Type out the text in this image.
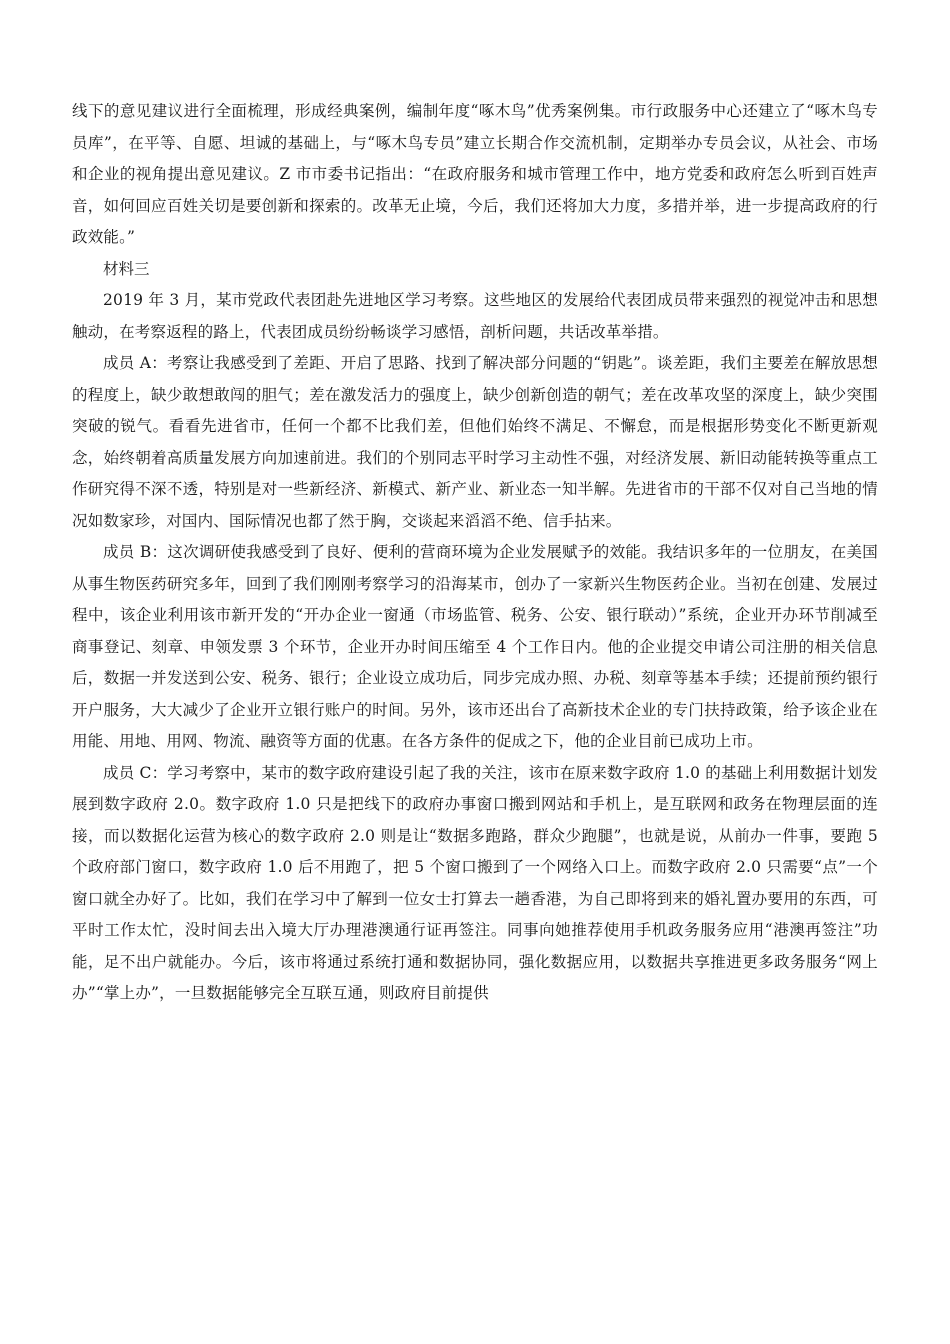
线下的意见建议进行全面梳理，形成经典案例，编制年度“啄木鸟”优秀案例集。市行政服务中心还建立了“啄木鸟专员库”，在平等、自愿、坦诚的基础上，与“啄木鸟专员”建立长期合作交流机制，定期举办专员会议，从社会、市场和企业的视角提出意见建议。Z 市市委书记指出：“在政府服务和城市管理工作中，地方党委和政府怎么听到百姓声音，如何回应百姓关切是要创新和探索的。改革无止境，今后，我们还将加大力度，多措并举，进一步提高政府的行政效能。”

材料三

2019 年 3 月，某市党政代表团赴先进地区学习考察。这些地区的发展给代表团成员带来强烈的视觉冲击和思想触动，在考察返程的路上，代表团成员纷纷畅谈学习感悟，剖析问题，共话改革举措。

成员 A：考察让我感受到了差距、开启了思路、找到了解决部分问题的“钥匙”。谈差距，我们主要差在解放思想的程度上，缺少敢想敢闯的胆气；差在激发活力的强度上，缺少创新创造的朝气；差在改革攻坚的深度上，缺少突围突破的锐气。看看先进省市，任何一个都不比我们差，但他们始终不满足、不懈怠，而是根据形势变化不断更新观念，始终朝着高质量发展方向加速前进。我们的个别同志平时学习主动性不强，对经济发展、新旧动能转换等重点工作研究得不深不透，特别是对一些新经济、新模式、新产业、新业态一知半解。先进省市的干部不仅对自己当地的情况如数家珍，对国内、国际情况也都了然于胸，交谈起来滔滔不绝、信手拈来。

成员 B：这次调研使我感受到了良好、便利的营商环境为企业发展赋予的效能。我结识多年的一位朋友，在美国从事生物医药研究多年，回到了我们刚刚考察学习的沿海某市，创办了一家新兴生物医药企业。当初在创建、发展过程中，该企业利用该市新开发的“开办企业一窗通（市场监管、税务、公安、银行联动）”系统，企业开办环节削减至商事登记、刻章、申领发票 3 个环节，企业开办时间压缩至 4 个工作日内。他的企业提交申请公司注册的相关信息后，数据一并发送到公安、税务、银行；企业设立成功后，同步完成办照、办税、刻章等基本手续；还提前预约银行开户服务，大大减少了企业开立银行账户的时间。另外，该市还出台了高新技术企业的专门扶持政策，给予该企业在用能、用地、用网、物流、融资等方面的优惠。在各方条件的促成之下，他的企业目前已成功上市。

成员 C：学习考察中，某市的数字政府建设引起了我的关注，该市在原来数字政府 1.0 的基础上利用数据计划发展到数字政府 2.0。数字政府 1.0 只是把线下的政府办事窗口搬到网站和手机上，是互联网和政务在物理层面的连接，而以数据化运营为核心的数字政府 2.0 则是让“数据多跑路，群众少跑腿”，也就是说，从前办一件事，要跑 5 个政府部门窗口，数字政府 1.0 后不用跑了，把 5 个窗口搬到了一个网络入口上。而数字政府 2.0 只需要“点”一个窗口就全办好了。比如，我们在学习中了解到一位女士打算去一趟香港，为自己即将到来的婚礼置办要用的东西，可平时工作太忙，没时间去出入境大厅办理港澳通行证再签注。同事向她推荐使用手机政务服务应用“港澳再签注”功能，足不出户就能办。今后，该市将通过系统打通和数据协同，强化数据应用，以数据共享推进更多政务服务“网上办”“掌上办”，一旦数据能够完全互联互通，则政府目前提供
